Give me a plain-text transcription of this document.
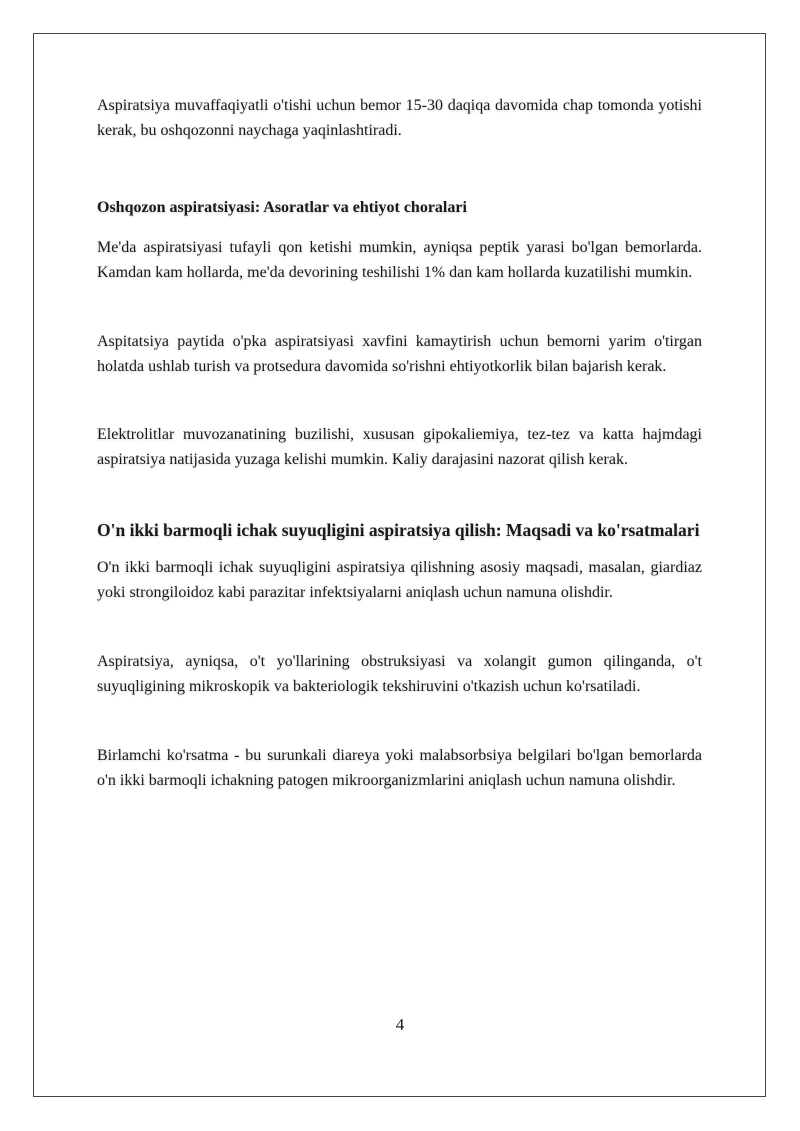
Aspiratsiya muvaffaqiyatli o'tishi uchun bemor 15-30 daqiqa davomida chap tomonda yotishi kerak, bu oshqozonni naychaga yaqinlashtiradi.

Oshqozon aspiratsiyasi: Asoratlar va ehtiyot choralari

Me'da aspiratsiyasi tufayli qon ketishi mumkin, ayniqsa peptik yarasi bo'lgan bemorlarda. Kamdan kam hollarda, me'da devorining teshilishi 1% dan kam hollarda kuzatilishi mumkin.

Aspitatsiya paytida o'pka aspiratsiyasi xavfini kamaytirish uchun bemorni yarim o'tirgan holatda ushlab turish va protsedura davomida so'rishni ehtiyotkorlik bilan bajarish kerak.

Elektrolitlar muvozanatining buzilishi, xususan gipokaliemiya, tez-tez va katta hajmdagi aspiratsiya natijasida yuzaga kelishi mumkin. Kaliy darajasini nazorat qilish kerak.

O'n ikki barmoqli ichak suyuqligini aspiratsiya qilish: Maqsadi va ko'rsatmalari

O'n ikki barmoqli ichak suyuqligini aspiratsiya qilishning asosiy maqsadi, masalan, giardiaz yoki strongiloidoz kabi parazitar infektsiyalarni aniqlash uchun namuna olishdir.

Aspiratsiya, ayniqsa, o't yo'llarining obstruksiyasi va xolangit gumon qilinganda, o't suyuqligining mikroskopik va bakteriologik tekshiruvini o'tkazish uchun ko'rsatiladi.

Birlamchi ko'rsatma - bu surunkali diareya yoki malabsorbsiya belgilari bo'lgan bemorlarda o'n ikki barmoqli ichakning patogen mikroorganizmlarini aniqlash uchun namuna olishdir.

4
